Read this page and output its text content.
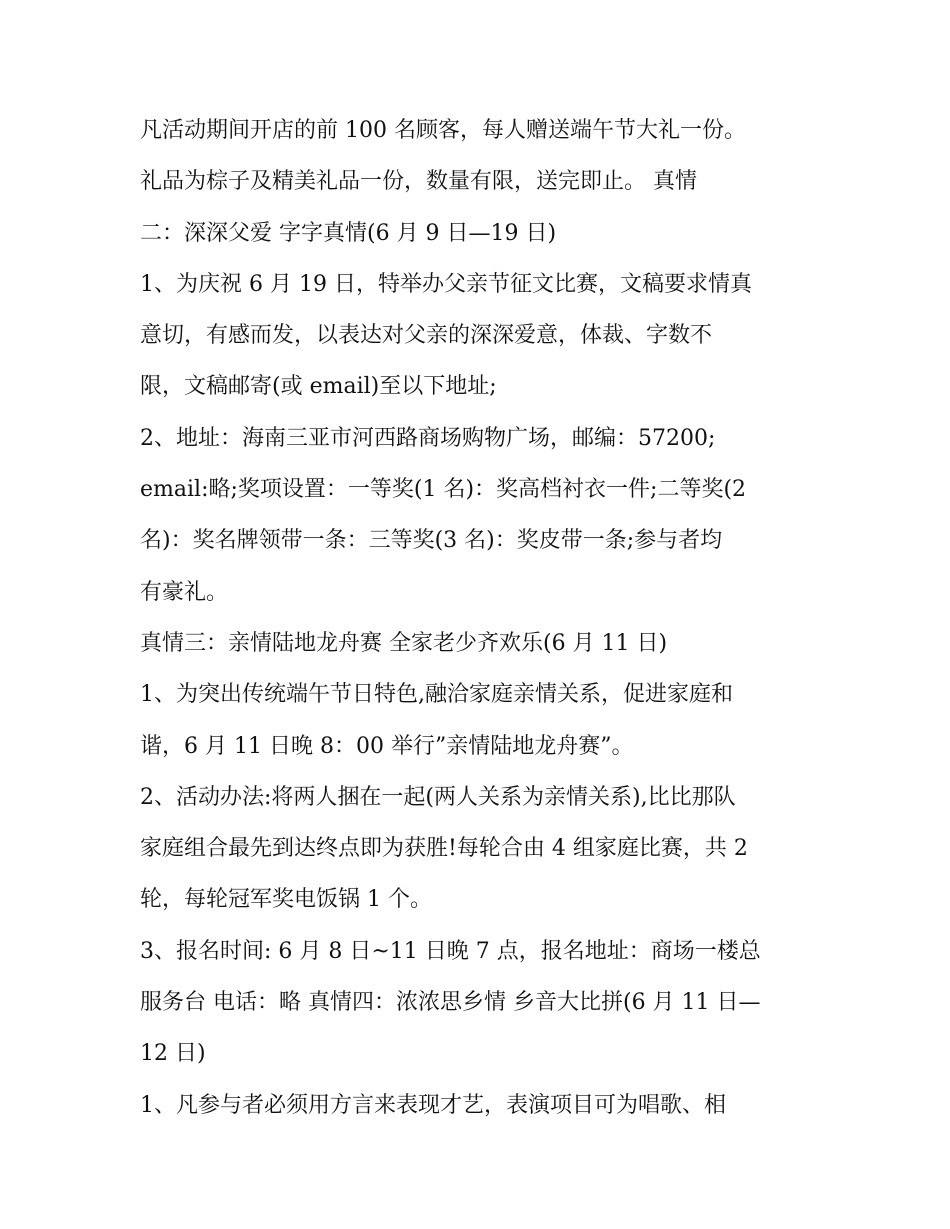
凡活动期间开店的前 100 名顾客，每人赠送端午节大礼一份。

礼品为棕子及精美礼品一份，数量有限，送完即止。 真情

二：深深父爱 字字真情(6 月 9 日—19 日)

1、为庆祝 6 月 19 日，特举办父亲节征文比赛，文稿要求情真

意切，有感而发，以表达对父亲的深深爱意，体裁、字数不

限，文稿邮寄(或 email)至以下地址;

2、地址：海南三亚市河西路商场购物广场，邮编：57200;

email:略;奖项设置：一等奖(1 名)：奖高档衬衣一件;二等奖(2

名)：奖名牌领带一条：三等奖(3 名)：奖皮带一条;参与者均

有豪礼。

真情三：亲情陆地龙舟赛 全家老少齐欢乐(6 月 11 日)

1、为突出传统端午节日特色,融洽家庭亲情关系，促进家庭和

谐，6 月 11 日晚 8：00 举行”亲情陆地龙舟赛”。

2、活动办法:将两人捆在一起(两人关系为亲情关系),比比那队

家庭组合最先到达终点即为获胜!每轮合由 4 组家庭比赛，共 2

轮，每轮冠军奖电饭锅 1 个。

3、报名时间: 6 月 8 日~11 日晚 7 点，报名地址：商场一楼总

服务台 电话：略 真情四：浓浓思乡情 乡音大比拼(6 月 11 日—

12 日)

1、凡参与者必须用方言来表现才艺，表演项目可为唱歌、相
